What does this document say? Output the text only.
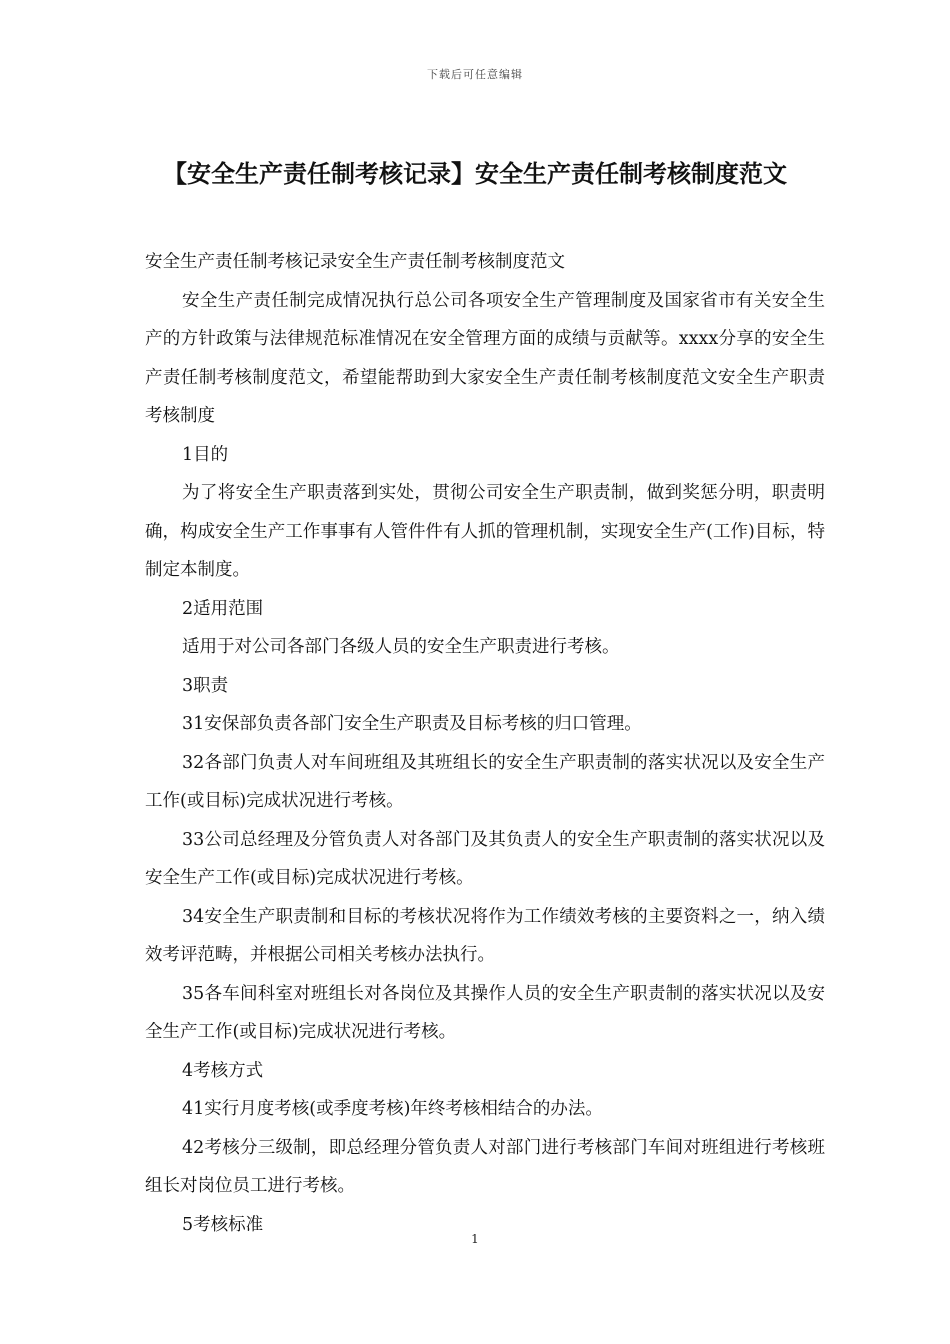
下载后可任意编辑
【安全生产责任制考核记录】安全生产责任制考核制度范文

安全生产责任制考核记录安全生产责任制考核制度范文

安全生产责任制完成情况执行总公司各项安全生产管理制度及国家省市有关安全生产的方针政策与法律规范标准情况在安全管理方面的成绩与贡献等。xxxx分享的安全生产责任制考核制度范文，希望能帮助到大家安全生产责任制考核制度范文安全生产职责考核制度

1目的

为了将安全生产职责落到实处，贯彻公司安全生产职责制，做到奖惩分明，职责明确，构成安全生产工作事事有人管件件有人抓的管理机制，实现安全生产(工作)目标，特制定本制度。

2适用范围

适用于对公司各部门各级人员的安全生产职责进行考核。

3职责

31安保部负责各部门安全生产职责及目标考核的归口管理。

32各部门负责人对车间班组及其班组长的安全生产职责制的落实状况以及安全生产工作(或目标)完成状况进行考核。

33公司总经理及分管负责人对各部门及其负责人的安全生产职责制的落实状况以及安全生产工作(或目标)完成状况进行考核。

34安全生产职责制和目标的考核状况将作为工作绩效考核的主要资料之一，纳入绩效考评范畴，并根据公司相关考核办法执行。

35各车间科室对班组长对各岗位及其操作人员的安全生产职责制的落实状况以及安全生产工作(或目标)完成状况进行考核。

4考核方式

41实行月度考核(或季度考核)年终考核相结合的办法。

42考核分三级制，即总经理分管负责人对部门进行考核部门车间对班组进行考核班组长对岗位员工进行考核。

5考核标准

1
